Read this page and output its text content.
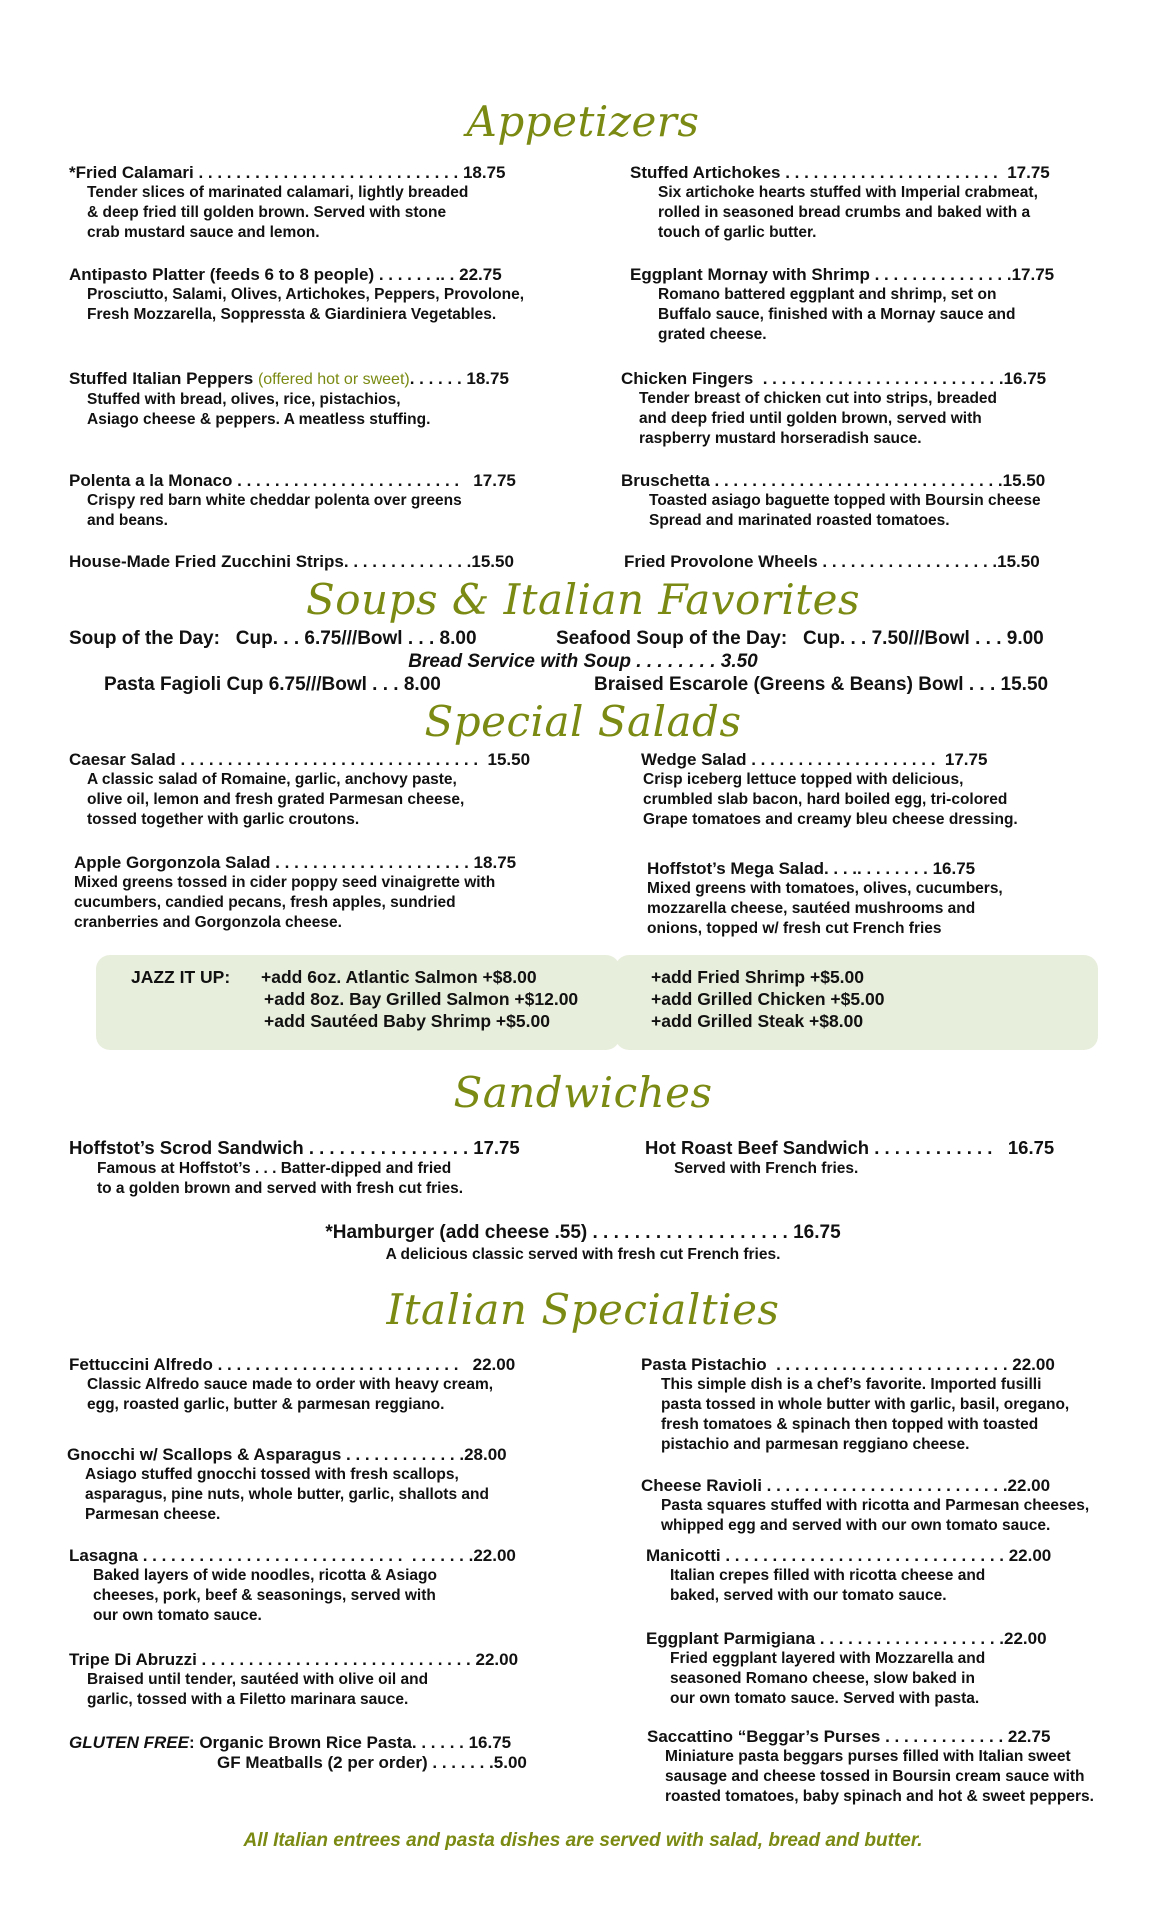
Appetizers
*Fried Calamari . . . . . . . . . . . . . . . . . . . . . . . . . . . . 18.75
Tender slices of marinated calamari, lightly breaded
& deep fried till golden brown. Served with stone
crab mustard sauce and lemon.
Stuffed Artichokes . . . . . . . . . . . . . . . . . . . . . . .  17.75
Six artichoke hearts stuffed with Imperial crabmeat,
rolled in seasoned bread crumbs and baked with a
touch of garlic butter.
Antipasto Platter (feeds 6 to 8 people) . . . . . . .. . 22.75
Prosciutto, Salami, Olives, Artichokes, Peppers, Provolone,
Fresh Mozzarella, Soppressta & Giardiniera Vegetables.
Eggplant Mornay with Shrimp . . . . . . . . . . . . . . .17.75
Romano battered eggplant and shrimp, set on
Buffalo sauce, finished with a Mornay sauce and
grated cheese.
Stuffed Italian Peppers (offered hot or sweet). . . . . . 18.75
Stuffed with bread, olives, rice, pistachios,
Asiago cheese & peppers. A meatless stuffing.
Chicken Fingers  . . . . . . . . . . . . . . . . . . . . . . . . . .16.75
Tender breast of chicken cut into strips, breaded
and deep fried until golden brown, served with
raspberry mustard horseradish sauce.
Polenta a la Monaco . . . . . . . . . . . . . . . . . . . . . . . .   17.75
Crispy red barn white cheddar polenta over greens
and beans.
Bruschetta . . . . . . . . . . . . . . . . . . . . . . . . . . . . . . .15.50
Toasted asiago baguette topped with Boursin cheese
Spread and marinated roasted tomatoes.
House-Made Fried Zucchini Strips. . . . . . . . . . . . . .15.50	Fried Provolone Wheels . . . . . . . . . . . . . . . . . . .15.50
Soups & Italian Favorites
Soup of the Day:   Cup. . . 6.75///Bowl . . . 8.00	Seafood Soup of the Day:   Cup. . . 7.50///Bowl . . . 9.00
Bread Service with Soup . . . . . . . . 3.50
Pasta Fagioli Cup 6.75///Bowl . . . 8.00	Braised Escarole (Greens & Beans) Bowl . . . 15.50
Special Salads
Caesar Salad . . . . . . . . . . . . . . . . . . . . . . . . . . . . . . . .  15.50
A classic salad of Romaine, garlic, anchovy paste,
olive oil, lemon and fresh grated Parmesan cheese,
tossed together with garlic croutons.
Wedge Salad . . . . . . . . . . . . . . . . . . . .  17.75
Crisp iceberg lettuce topped with delicious,
crumbled slab bacon, hard boiled egg, tri-colored
Grape tomatoes and creamy bleu cheese dressing.
Apple Gorgonzola Salad . . . . . . . . . . . . . . . . . . . . . 18.75
Mixed greens tossed in cider poppy seed vinaigrette with
cucumbers, candied pecans, fresh apples, sundried
cranberries and Gorgonzola cheese.
Hoffstot’s Mega Salad. . . .. . . . . . . . 16.75
Mixed greens with tomatoes, olives, cucumbers,
mozzarella cheese, sautéed mushrooms and
onions, topped w/ fresh cut French fries
JAZZ IT UP: +add 6oz. Atlantic Salmon +$8.00
+add 8oz. Bay Grilled Salmon +$12.00
+add Sautéed Baby Shrimp +$5.00
+add Fried Shrimp +$5.00
+add Grilled Chicken +$5.00
+add Grilled Steak +$8.00
Sandwiches
Hoffstot’s Scrod Sandwich . . . . . . . . . . . . . . . . 17.75
Famous at Hoffstot’s . . . Batter-dipped and fried
to a golden brown and served with fresh cut fries.
Hot Roast Beef Sandwich . . . . . . . . . . . .   16.75
Served with French fries.
*Hamburger (add cheese .55) . . . . . . . . . . . . . . . . . . . 16.75
A delicious classic served with fresh cut French fries.
Italian Specialties
Fettuccini Alfredo . . . . . . . . . . . . . . . . . . . . . . . . . .   22.00
Classic Alfredo sauce made to order with heavy cream,
egg, roasted garlic, butter & parmesan reggiano.
Pasta Pistachio  . . . . . . . . . . . . . . . . . . . . . . . . . 22.00
This simple dish is a chef’s favorite. Imported fusilli
pasta tossed in whole butter with garlic, basil, oregano,
fresh tomatoes & spinach then topped with toasted
pistachio and parmesan reggiano cheese.
Gnocchi w/ Scallops & Asparagus . . . . . . . . . . . . .28.00
Asiago stuffed gnocchi tossed with fresh scallops,
asparagus, pine nuts, whole butter, garlic, shallots and
Parmesan cheese.
Cheese Ravioli . . . . . . . . . . . . . . . . . . . . . . . . . .22.00
Pasta squares stuffed with ricotta and Parmesan cheeses,
whipped egg and served with our own tomato sauce.
Lasagna . . . . . . . . . . . . . . . . . . . . . . . . . . . .  . . . . . . .22.00
Baked layers of wide noodles, ricotta & Asiago
cheeses, pork, beef & seasonings, served with
our own tomato sauce.
Manicotti . . . . . . . . . . . . . . . . . . . . . . . . . . . . . . 22.00
Italian crepes filled with ricotta cheese and
baked, served with our tomato sauce.
Eggplant Parmigiana . . . . . . . . . . . . . . . . . . . .22.00
Fried eggplant layered with Mozzarella and
seasoned Romano cheese, slow baked in
our own tomato sauce. Served with pasta.
Tripe Di Abruzzi . . . . . . . . . . . . . . . . . . . . . . . . . . . . . 22.00
Braised until tender, sautéed with olive oil and
garlic, tossed with a Filetto marinara sauce.
Saccattino “Beggar’s Purses . . . . . . . . . . . . . 22.75
Miniature pasta beggars purses filled with Italian sweet
sausage and cheese tossed in Boursin cream sauce with
roasted tomatoes, baby spinach and hot & sweet peppers.
GLUTEN FREE: Organic Brown Rice Pasta. . . . . . 16.75
GF Meatballs (2 per order) . . . . . . .5.00
All Italian entrees and pasta dishes are served with salad, bread and butter.
